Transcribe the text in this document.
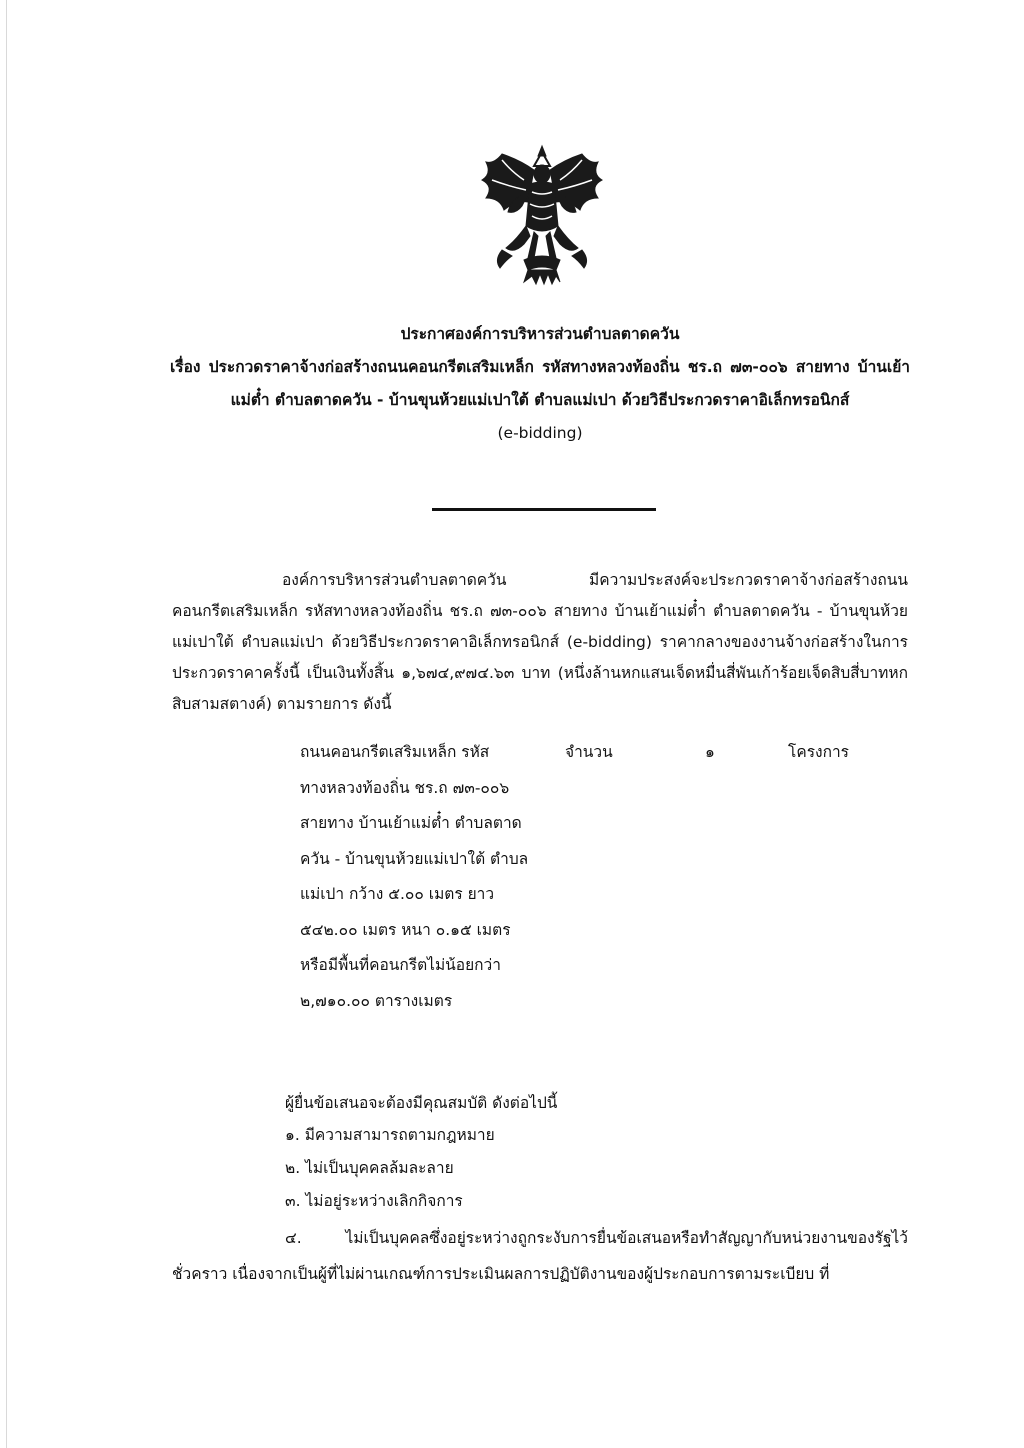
ประกาศองค์การบริหารส่วนตำบลตาดควัน
เรื่อง ประกวดราคาจ้างก่อสร้างถนนคอนกรีตเสริมเหล็ก รหัสทางหลวงท้องถิ่น ชร.ถ ๗๓-๐๐๖ สายทาง บ้านเย้าแม่ต๋ำ ตำบลตาดควัน - บ้านขุนห้วยแม่เปาใต้ ตำบลแม่เปา ด้วยวิธีประกวดราคาอิเล็กทรอนิกส์
(e-bidding)
องค์การบริหารส่วนตำบลตาดควัน มีความประสงค์จะประกวดราคาจ้างก่อสร้างถนนคอนกรีตเสริมเหล็ก รหัสทางหลวงท้องถิ่น ชร.ถ ๗๓-๐๐๖ สายทาง บ้านเย้าแม่ต๋ำ ตำบลตาดควัน - บ้านขุนห้วยแม่เปาใต้ ตำบลแม่เปา ด้วยวิธีประกวดราคาอิเล็กทรอนิกส์ (e-bidding) ราคากลางของงานจ้างก่อสร้างในการประกวดราคาครั้งนี้ เป็นเงินทั้งสิ้น ๑,๖๗๔,๙๗๔.๖๓ บาท (หนึ่งล้านหกแสนเจ็ดหมื่นสี่พันเก้าร้อยเจ็ดสิบสี่บาทหกสิบสามสตางค์) ตามรายการ ดังนี้
ถนนคอนกรีตเสริมเหล็ก รหัสทางหลวงท้องถิ่น ชร.ถ ๗๓-๐๐๖ สายทาง บ้านเย้าแม่ต๋ำ ตำบลตาดควัน - บ้านขุนห้วยแม่เปาใต้ ตำบลแม่เปา กว้าง ๕.๐๐ เมตร ยาว ๕๔๒.๐๐ เมตร หนา ๐.๑๕ เมตร หรือมีพื้นที่คอนกรีตไม่น้อยกว่า ๒,๗๑๐.๐๐ ตารางเมตร
จำนวน	๑	โครงการ
ผู้ยื่นข้อเสนอจะต้องมีคุณสมบัติ ดังต่อไปนี้
๑. มีความสามารถตามกฎหมาย
๒. ไม่เป็นบุคคลล้มละลาย
๓. ไม่อยู่ระหว่างเลิกกิจการ
๔. ไม่เป็นบุคคลซึ่งอยู่ระหว่างถูกระงับการยื่นข้อเสนอหรือทำสัญญากับหน่วยงานของรัฐไว้ชั่วคราว เนื่องจากเป็นผู้ที่ไม่ผ่านเกณฑ์การประเมินผลการปฏิบัติงานของผู้ประกอบการตามระเบียบ ที่
